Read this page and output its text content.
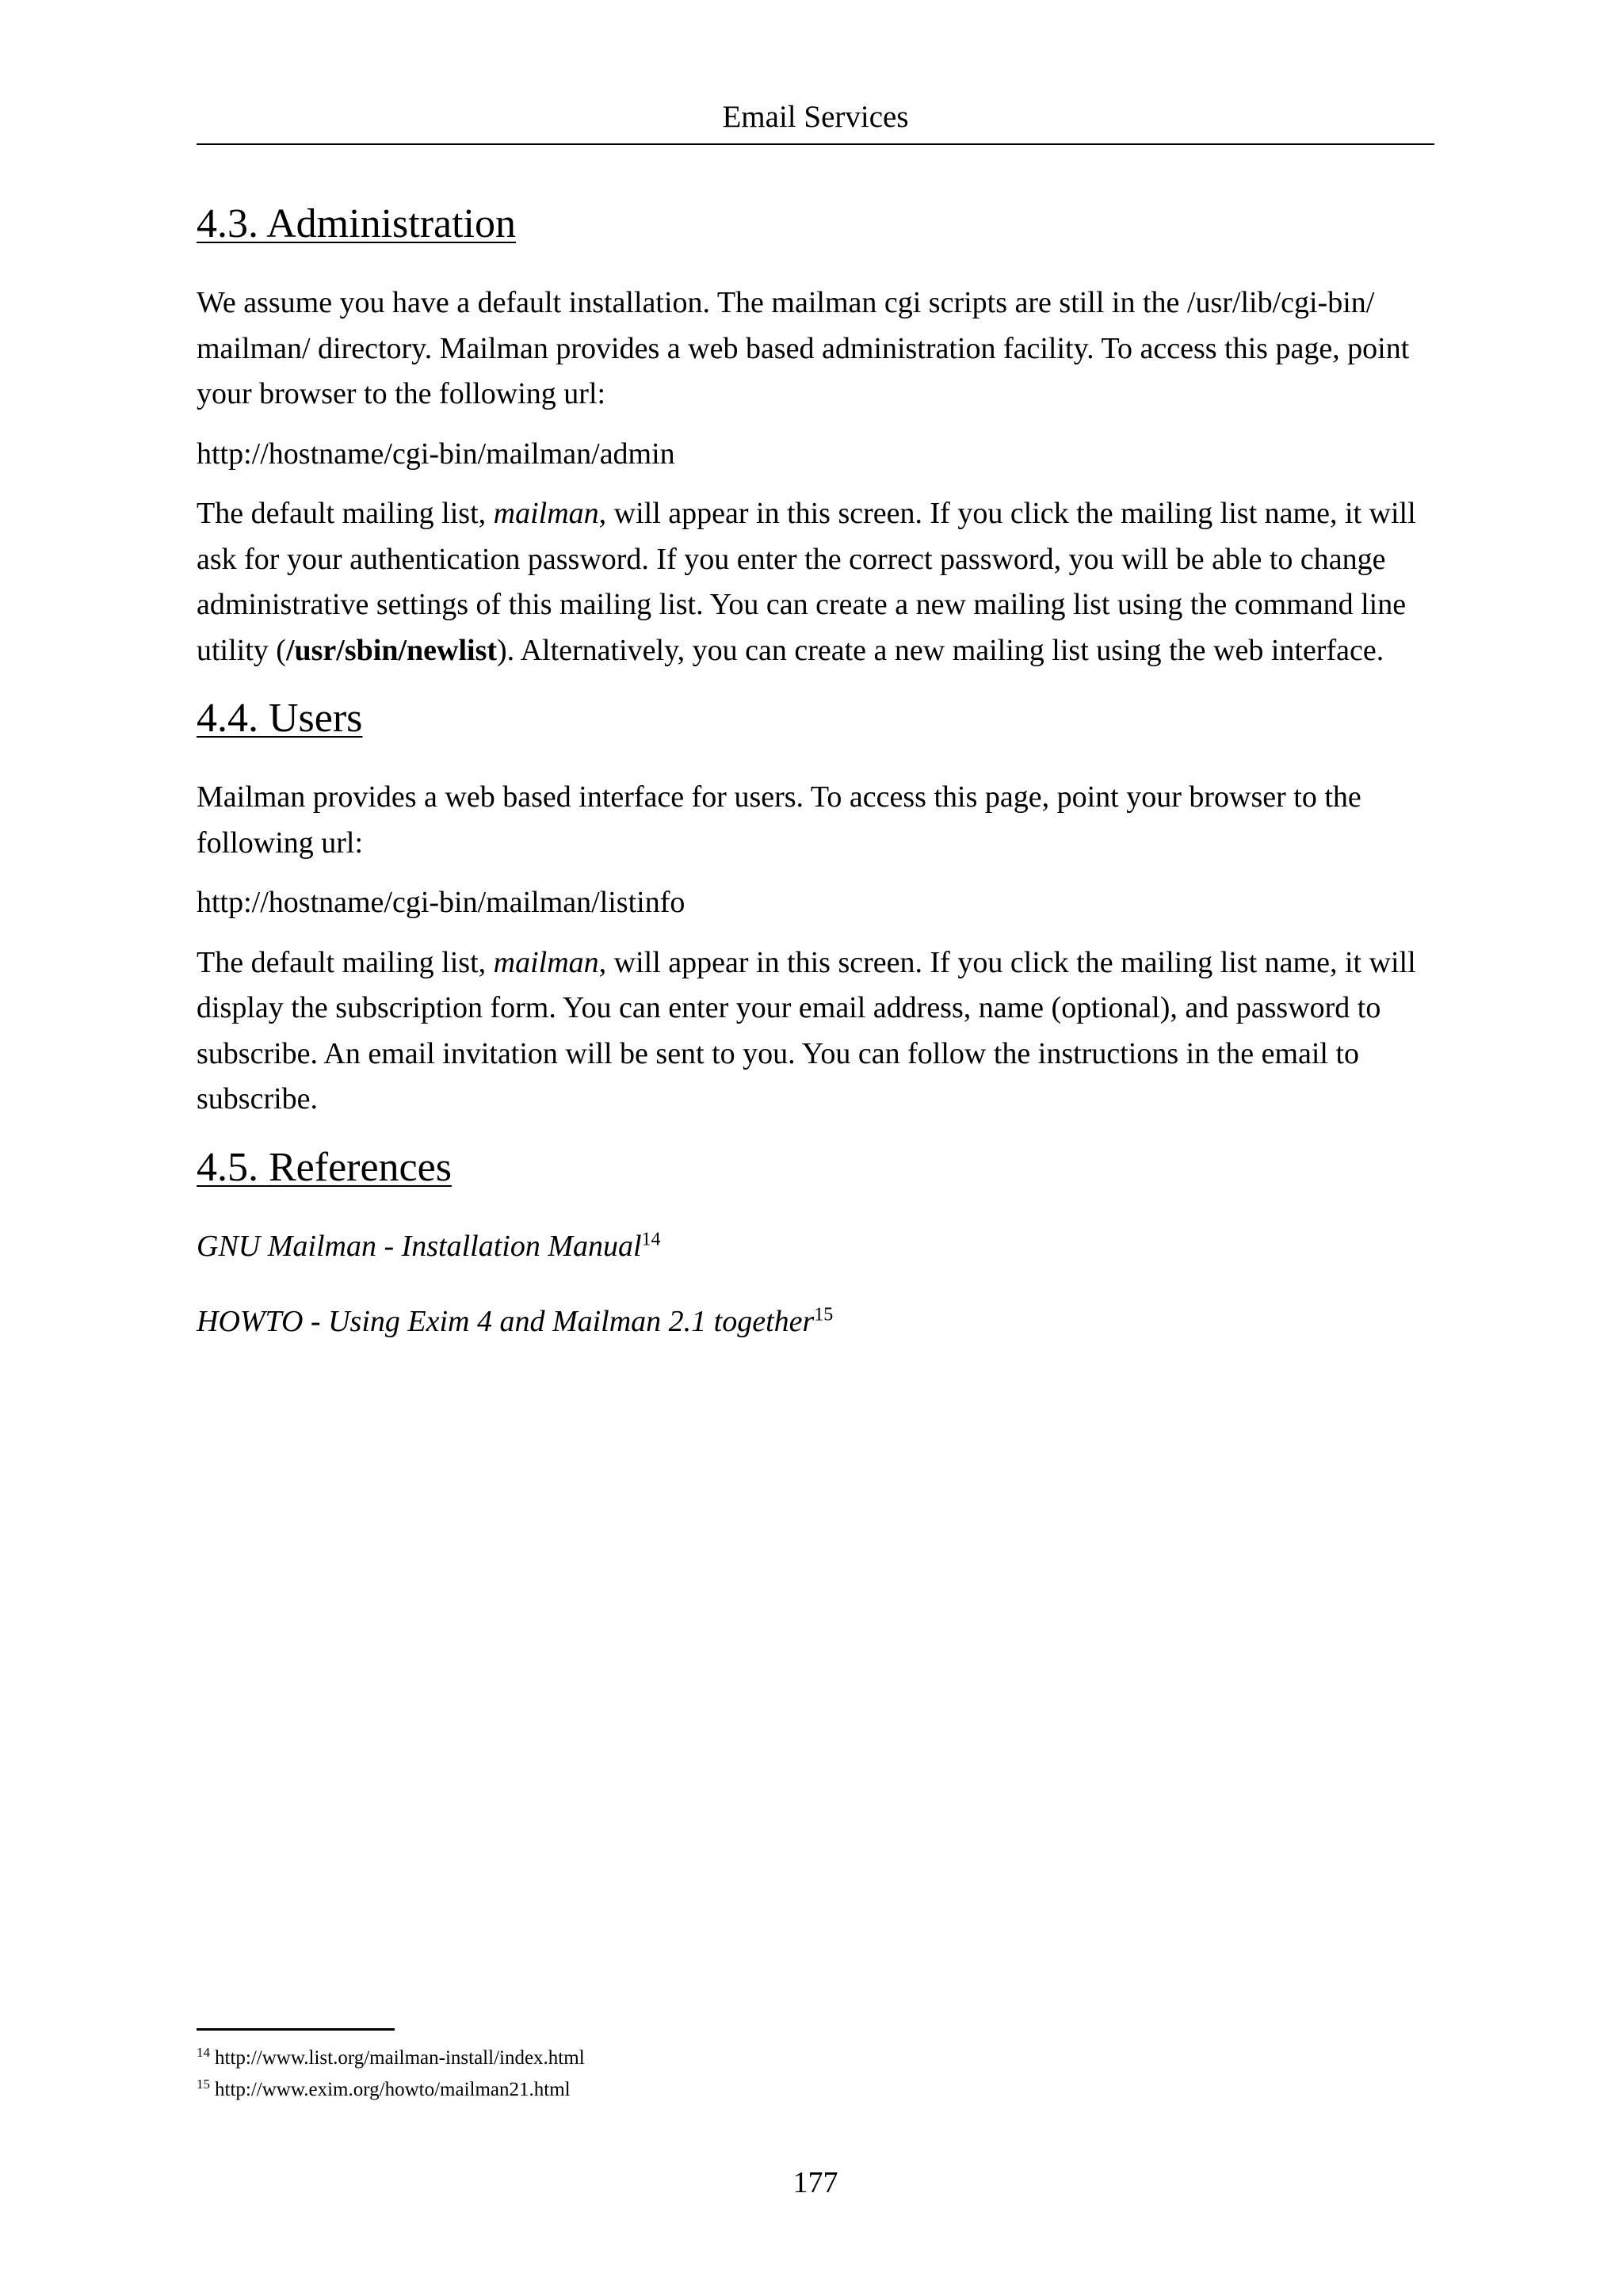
Email Services
4.3. Administration

We assume you have a default installation. The mailman cgi scripts are still in the /usr/lib/cgi-bin/ mailman/ directory. Mailman provides a web based administration facility. To access this page, point your browser to the following url:

http://hostname/cgi-bin/mailman/admin

The default mailing list, mailman, will appear in this screen. If you click the mailing list name, it will ask for your authentication password. If you enter the correct password, you will be able to change administrative settings of this mailing list. You can create a new mailing list using the command line utility (/usr/sbin/newlist). Alternatively, you can create a new mailing list using the web interface.

4.4. Users

Mailman provides a web based interface for users. To access this page, point your browser to the following url:

http://hostname/cgi-bin/mailman/listinfo

The default mailing list, mailman, will appear in this screen. If you click the mailing list name, it will display the subscription form. You can enter your email address, name (optional), and password to subscribe. An email invitation will be sent to you. You can follow the instructions in the email to subscribe.

4.5. References
GNU Mailman - Installation Manual$^{14}$
HOWTO - Using Exim 4 and Mailman 2.1 together$^{15}$
$^{14}$ http://www.list.org/mailman-install/index.html
$^{15}$ http://www.exim.org/howto/mailman21.html
177
